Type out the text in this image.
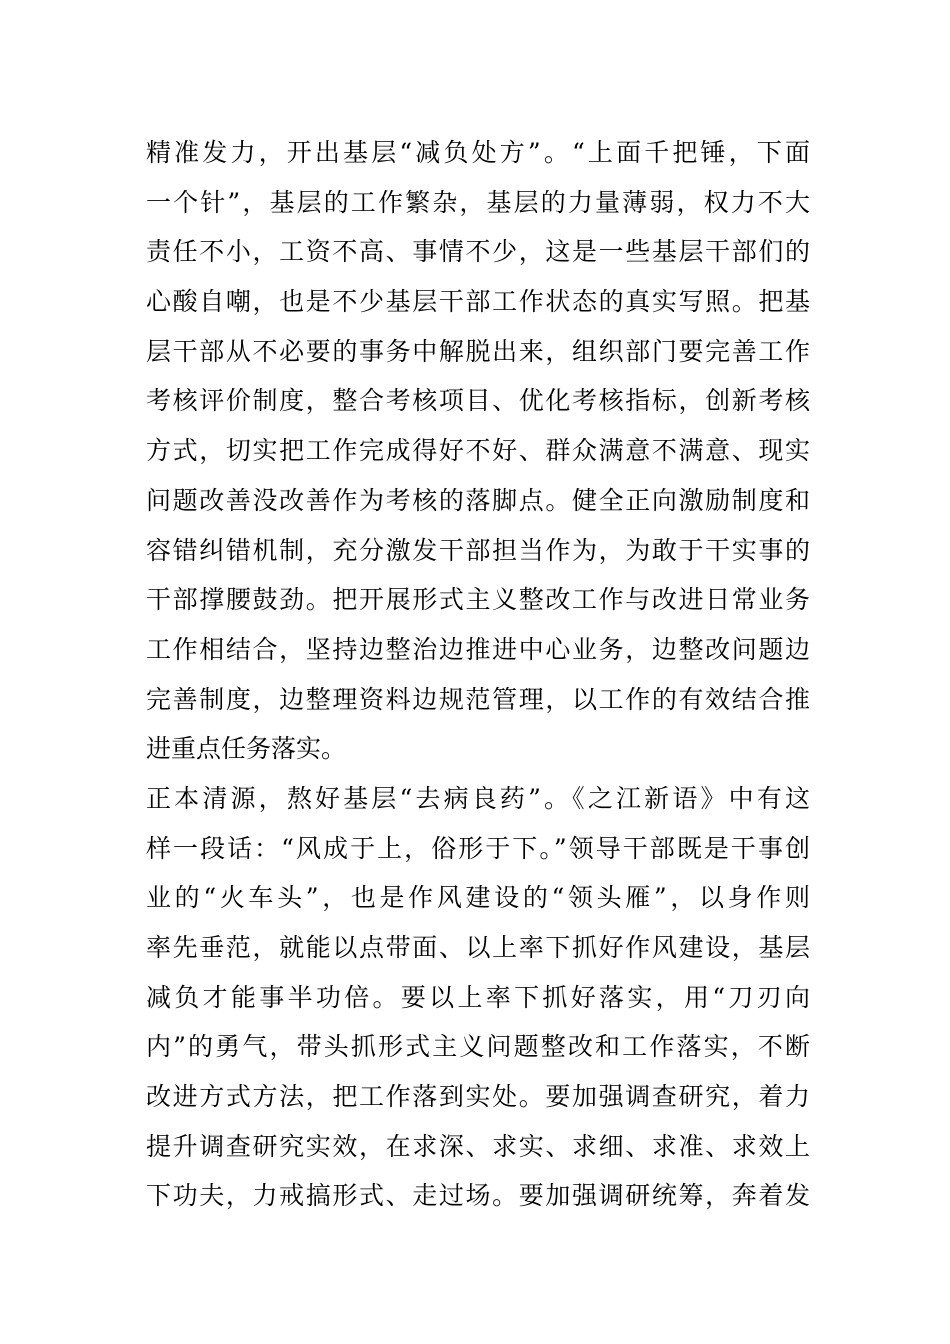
精准发力，开出基层“减负处方”。“上面千把锤，下面
一个针”，基层的工作繁杂，基层的力量薄弱，权力不大
责任不小，工资不高、事情不少，这是一些基层干部们的
心酸自嘲，也是不少基层干部工作状态的真实写照。把基
层干部从不必要的事务中解脱出来，组织部门要完善工作
考核评价制度，整合考核项目、优化考核指标，创新考核
方式，切实把工作完成得好不好、群众满意不满意、现实
问题改善没改善作为考核的落脚点。健全正向激励制度和
容错纠错机制，充分激发干部担当作为，为敢于干实事的
干部撑腰鼓劲。把开展形式主义整改工作与改进日常业务
工作相结合，坚持边整治边推进中心业务，边整改问题边
完善制度，边整理资料边规范管理，以工作的有效结合推
进重点任务落实。
正本清源，熬好基层“去病良药”。《之江新语》中有这
样一段话：“风成于上，俗形于下。”领导干部既是干事创
业的“火车头”，也是作风建设的“领头雁”，以身作则
率先垂范，就能以点带面、以上率下抓好作风建设，基层
减负才能事半功倍。要以上率下抓好落实，用“刀刃向
内”的勇气，带头抓形式主义问题整改和工作落实，不断
改进方式方法，把工作落到实处。要加强调查研究，着力
提升调查研究实效，在求深、求实、求细、求准、求效上
下功夫，力戒搞形式、走过场。要加强调研统筹，奔着发
